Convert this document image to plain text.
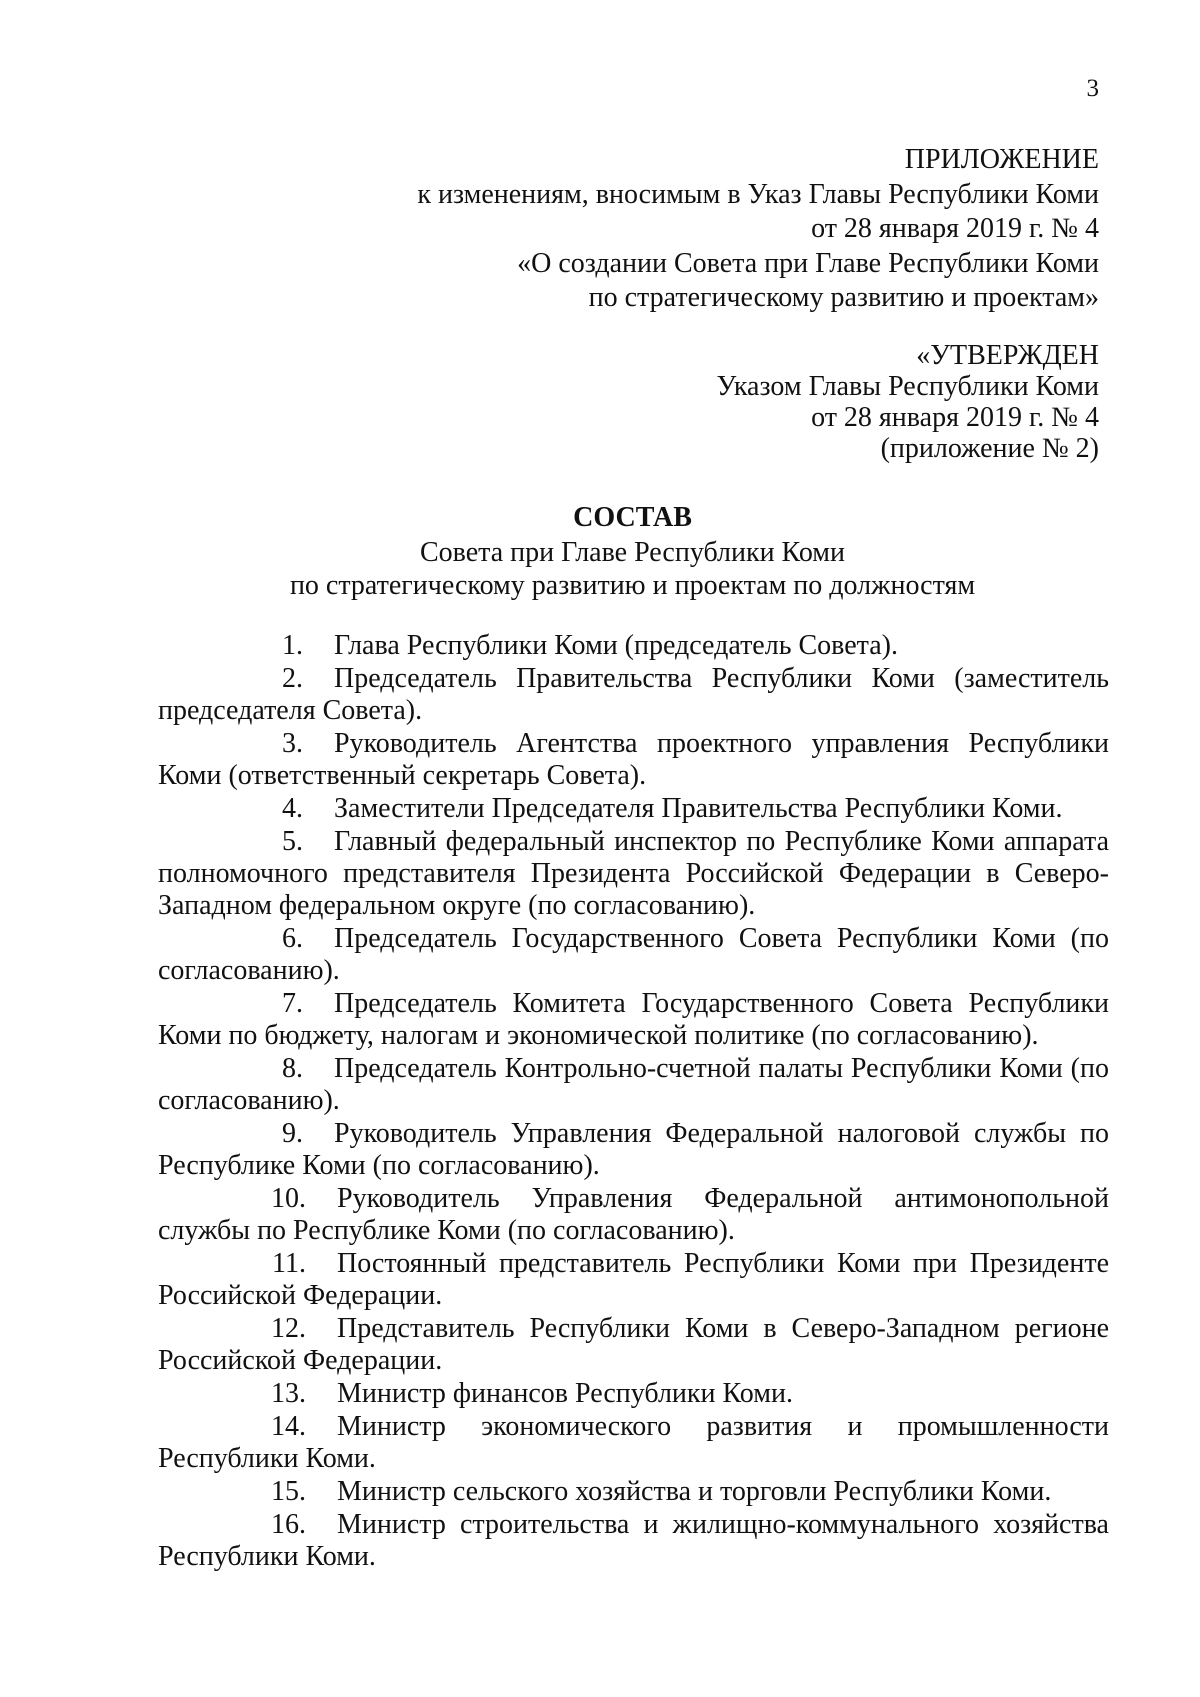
3
ПРИЛОЖЕНИЕ
к изменениям, вносимым в Указ Главы Республики Коми
от 28 января 2019 г. № 4
«О создании Совета при Главе Республики Коми
по стратегическому развитию и проектам»
«УТВЕРЖДЕН
Указом Главы Республики Коми
от 28 января 2019 г. № 4
(приложение № 2)
СОСТАВ
Совета при Главе Республики Коми
по стратегическому развитию и проектам по должностям
1.  Глава Республики Коми (председатель Совета).
2.  Председатель Правительства Республики Коми (заместитель председателя Совета).
3.  Руководитель Агентства проектного управления Республики Коми (ответственный секретарь Совета).
4.  Заместители Председателя Правительства Республики Коми.
5.  Главный федеральный инспектор по Республике Коми аппарата полномочного представителя Президента Российской Федерации в Северо-Западном федеральном округе (по согласованию).
6.  Председатель Государственного Совета Республики Коми (по согласованию).
7.  Председатель Комитета Государственного Совета Республики Коми по бюджету, налогам и экономической политике (по согласованию).
8.  Председатель Контрольно-счетной палаты Республики Коми (по согласованию).
9.  Руководитель Управления Федеральной налоговой службы по Республике Коми (по согласованию).
10.  Руководитель Управления Федеральной антимонопольной службы по Республике Коми (по согласованию).
11.  Постоянный представитель Республики Коми при Президенте Российской Федерации.
12.  Представитель Республики Коми в Северо-Западном регионе Российской Федерации.
13.  Министр финансов Республики Коми.
14.  Министр экономического развития и промышленности Республики Коми.
15.  Министр сельского хозяйства и торговли Республики Коми.
16.  Министр строительства и жилищно-коммунального хозяйства Республики Коми.
